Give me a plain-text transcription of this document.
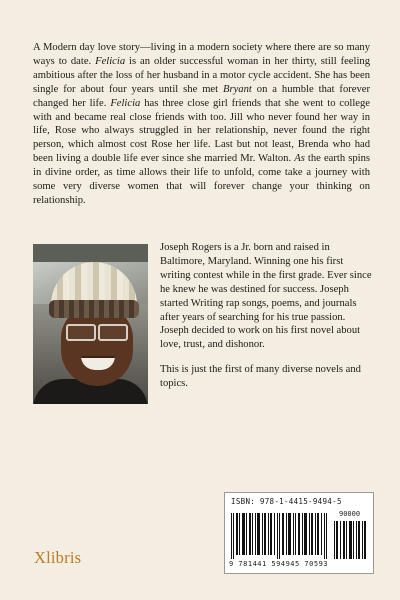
A Modern day love story—living in a modern society where there are so many ways to date. Felicia is an older successful woman in her thirty, still feeling ambitious after the loss of her husband in a motor cycle accident. She has been single for about four years until she met Bryant on a humble that forever changed her life. Felicia has three close girl friends that she went to college with and became real close friends with too. Jill who never found her way in life, Rose who always struggled in her relationship, never found the right person, which almost cost Rose her life. Last but not least, Brenda who had been living a double life ever since she married Mr. Walton. As the earth spins in divine order, as time allows their life to unfold, come take a journey with some very diverse women that will forever change your thinking on relationship.

Joseph Rogers is a Jr. born and raised in Baltimore, Maryland. Winning one his first writing contest while in the first grade. Ever since he knew he was destined for success. Joseph started Writing rap songs, poems, and journals after years of searching for his true passion. Joseph decided to work on his first novel about love, trust, and dishonor.

This is just the first of many diverse novels and topics.

ISBN: 978-1-4415-9494-5
90000
9 781441 594945 70593
Xlibris
